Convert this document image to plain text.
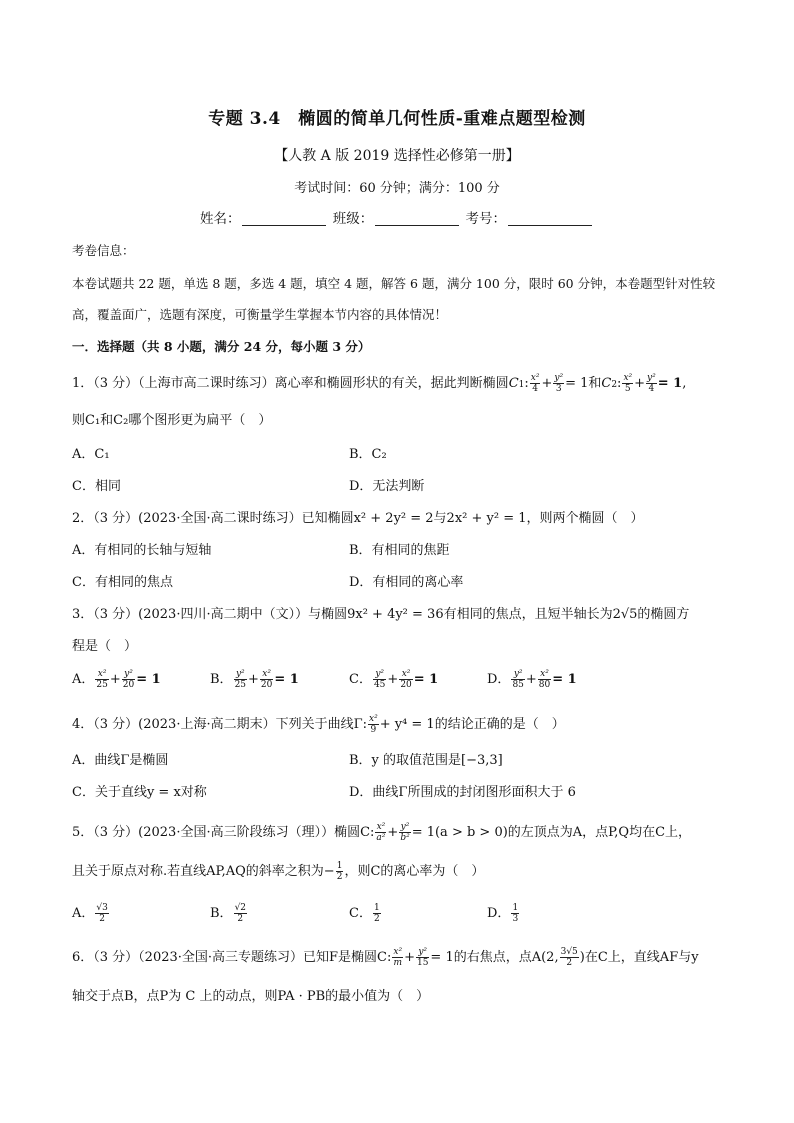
专题 3.4　椭圆的简单几何性质-重难点题型检测
【人教 A 版 2019 选择性必修第一册】
考试时间：60 分钟；满分：100 分
姓名：	班级：	考号：
考卷信息：
本卷试题共 22 题，单选 8 题，多选 4 题，填空 4 题，解答 6 题，满分 100 分，限时 60 分钟，本卷题型针对性较
高，覆盖面广，选题有深度，可衡量学生掌握本节内容的具体情况！
一．选择题（共 8 小题，满分 24 分，每小题 3 分）
1．（3 分）（上海市高二课时练习）离心率和椭圆形状的有关，据此判断椭圆C1: $\frac{\text{x²}}{4} + \frac{\text{y²}}{3} = 1$和C2: $\frac{\text{x²}}{5} + \frac{\text{y²}}{4} = 1$,
则C₁和C₂哪个图形更为扁平（　）
A．C₁	B．C₂
C．相同	D．无法判断
2．（3 分）(2023·全国·高二课时练习）已知椭圆x² + 2y² = 2与2x² + y² = 1，则两个椭圆（　）
A．有相同的长轴与短轴	B．有相同的焦距
C．有相同的焦点	D．有相同的离心率
3．（3 分）(2023·四川·高二期中（文））与椭圆9x² + 4y² = 36有相同的焦点，且短半轴长为2√5的椭圆方
程是（　）
A． $\frac{\text{x²}}{25} + \frac{\text{y²}}{20} = 1$	B． $\frac{\text{y²}}{25} + \frac{\text{x²}}{20} = 1$	C． $\frac{\text{y²}}{45} + \frac{\text{x²}}{20} = 1$	D． $\frac{\text{y²}}{85} + \frac{\text{x²}}{80} = 1$
4．（3 分）(2023·上海·高二期末）下列关于曲线Γ: $\frac{\text{x²}}{9} + y^4 = 1$的结论正确的是（　）
A．曲线Γ是椭圆	B．y 的取值范围是[−3,3]
C．关于直线y = x对称	D．曲线Γ所围成的封闭图形面积大于 6
5．（3 分）(2023·全国·高三阶段练习（理））椭圆C: $\frac{\text{x²}}{\text{a²}} + \frac{\text{y²}}{\text{b²}} = 1(a > b > 0)$的左顶点为A，点P,Q均在C上，
且关于原点对称.若直线AP,AQ的斜率之积为− $\frac{1}{2}$ ，则C的离心率为（　）
A． $\frac{√3}{2}$	B． $\frac{√2}{2}$	C． $\frac{1}{2}$	D． $\frac{1}{3}$
6．（3 分）（2023·全国·高三专题练习）已知F是椭圆C: $\frac{\text{x²}}{m} + \frac{\text{y²}}{15} = 1$的右焦点，点A(2, $\frac{3√5}{2}$ )在C上，直线AF与y
轴交于点B，点P为 C 上的动点，则PA · PB的最小值为（　）
